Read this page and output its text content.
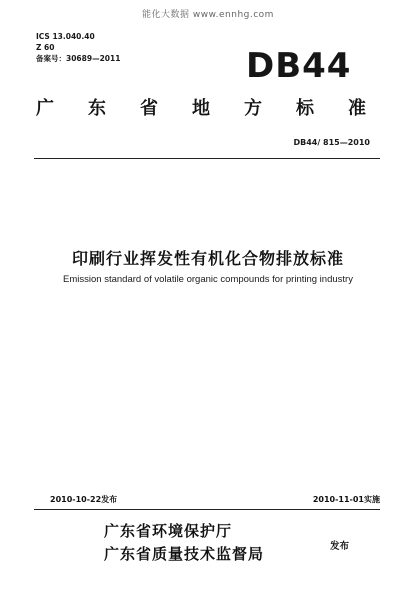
能化大数据 www.ennhg.com
ICS 13.040.40
Z 60
备案号：30689—2011	DB44
广 东 省 地 方 标 准
DB44/ 815—2010
印刷行业挥发性有机化合物排放标准
Emission standard of volatile organic compounds for printing industry
2010-10-22发布	2010-11-01实施
广东省环境保护厅
广东省质量技术监督局	发布
